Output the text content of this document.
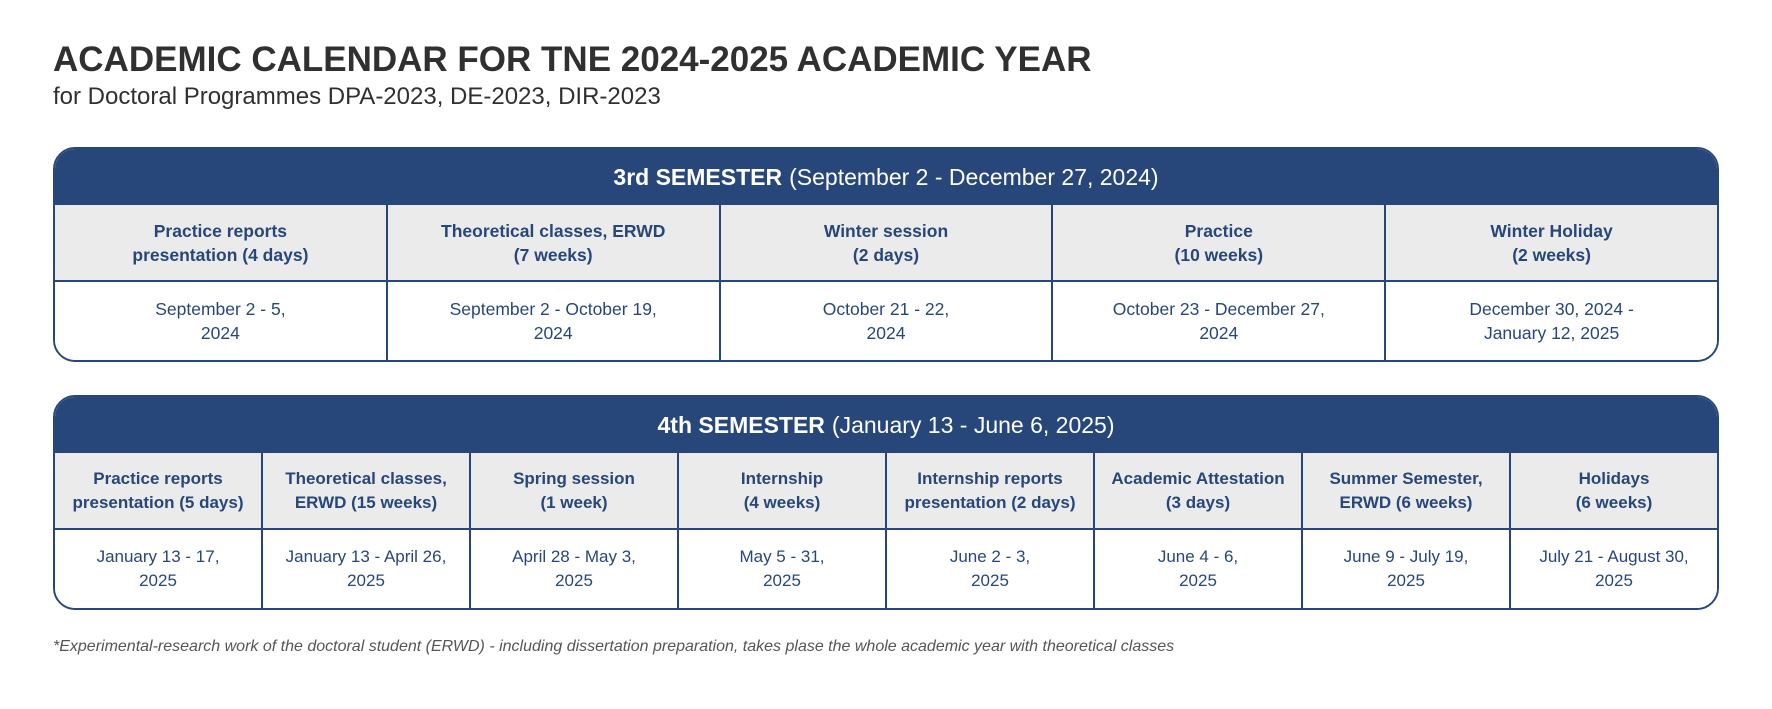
ACADEMIC CALENDAR FOR TNE 2024-2025 ACADEMIC YEAR

for Doctoral Programmes DPA-2023, DE-2023, DIR-2023

3rd SEMESTER (September 2 - December 27, 2024)
Practice reports
presentation (4 days)
Theoretical classes, ERWD
(7 weeks)
Winter session
(2 days)
Practice
(10 weeks)
Winter Holiday
(2 weeks)
September 2 - 5,
2024
September 2 - October 19,
2024
October 21 - 22,
2024
October 23 - December 27,
2024
December 30, 2024 -
January 12, 2025
4th SEMESTER (January 13 - June 6, 2025)
Practice reports
presentation (5 days)
Theoretical classes,
ERWD (15 weeks)
Spring session
(1 week)
Internship
(4 weeks)
Internship reports
presentation (2 days)
Academic Attestation
(3 days)
Summer Semester,
ERWD (6 weeks)
Holidays
(6 weeks)
January 13 - 17,
2025
January 13 - April 26,
2025
April 28 - May 3,
2025
May 5 - 31,
2025
June 2 - 3,
2025
June 4 - 6,
2025
June 9 - July 19,
2025
July 21 - August 30,
2025
*Experimental-research work of the doctoral student (ERWD) - including dissertation preparation, takes plase the whole academic year with theoretical classes
